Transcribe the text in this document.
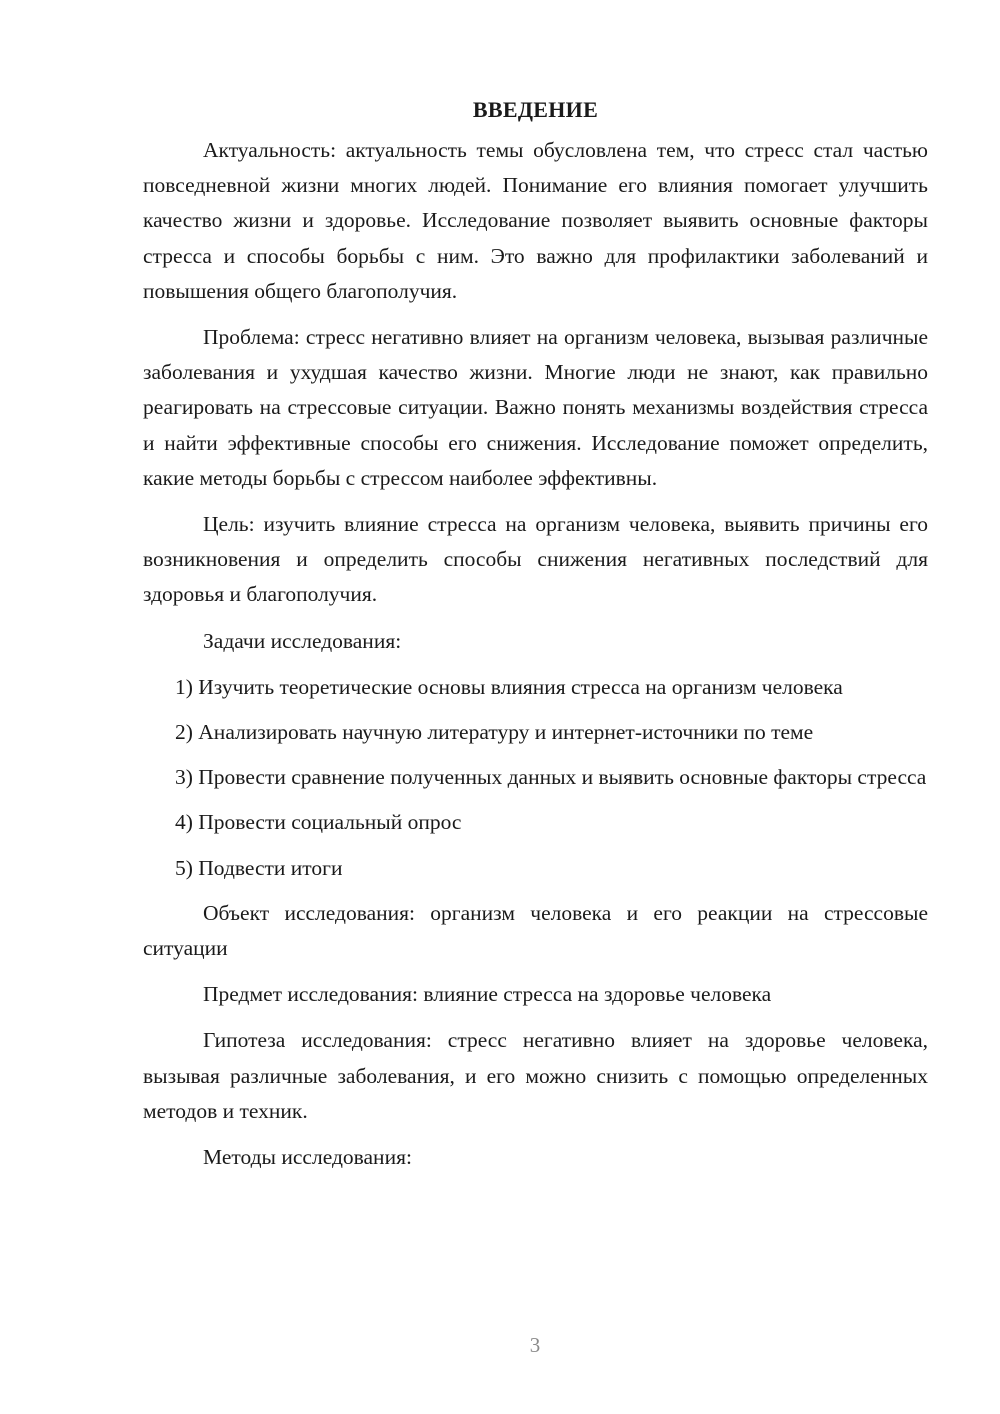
ВВЕДЕНИЕ

Актуальность: актуальность темы обусловлена тем, что стресс стал частью повседневной жизни многих людей. Понимание его влияния помогает улучшить качество жизни и здоровье. Исследование позволяет выявить основные факторы стресса и способы борьбы с ним. Это важно для профилактики заболеваний и повышения общего благополучия.

Проблема: стресс негативно влияет на организм человека, вызывая различные заболевания и ухудшая качество жизни. Многие люди не знают, как правильно реагировать на стрессовые ситуации. Важно понять механизмы воздействия стресса и найти эффективные способы его снижения. Исследование поможет определить, какие методы борьбы с стрессом наиболее эффективны.

Цель: изучить влияние стресса на организм человека, выявить причины его возникновения и определить способы снижения негативных последствий для здоровья и благополучия.

Задачи исследования:

1) Изучить теоретические основы влияния стресса на организм человека

2) Анализировать научную литературу и интернет-источники по теме

3) Провести сравнение полученных данных и выявить основные факторы стресса

4) Провести социальный опрос

5) Подвести итоги

Объект исследования: организм человека и его реакции на стрессовые ситуации

Предмет исследования: влияние стресса на здоровье человека

Гипотеза исследования: стресс негативно влияет на здоровье человека, вызывая различные заболевания, и его можно снизить с помощью определенных методов и техник.

Методы исследования:

3
